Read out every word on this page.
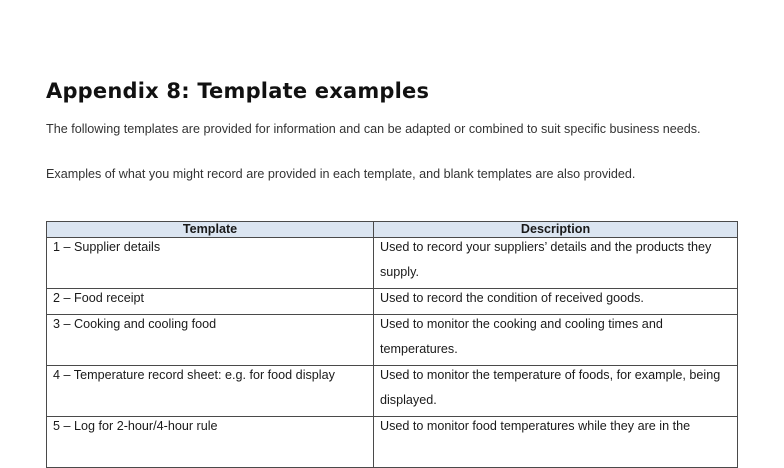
Appendix 8: Template examples

The following templates are provided for information and can be adapted or combined to suit specific business needs.

Examples of what you might record are provided in each template, and blank templates are also provided.

Template	Description

1 – Supplier details	Used to record your suppliers’ details and the products they supply.

2 – Food receipt	Used to record the condition of received goods.

3 – Cooking and cooling food	Used to monitor the cooking and cooling times and temperatures.

4 – Temperature record sheet: e.g. for food display	Used to monitor the temperature of foods, for example, being displayed.

5 – Log for 2-hour/4-hour rule	Used to monitor food temperatures while they are in the
